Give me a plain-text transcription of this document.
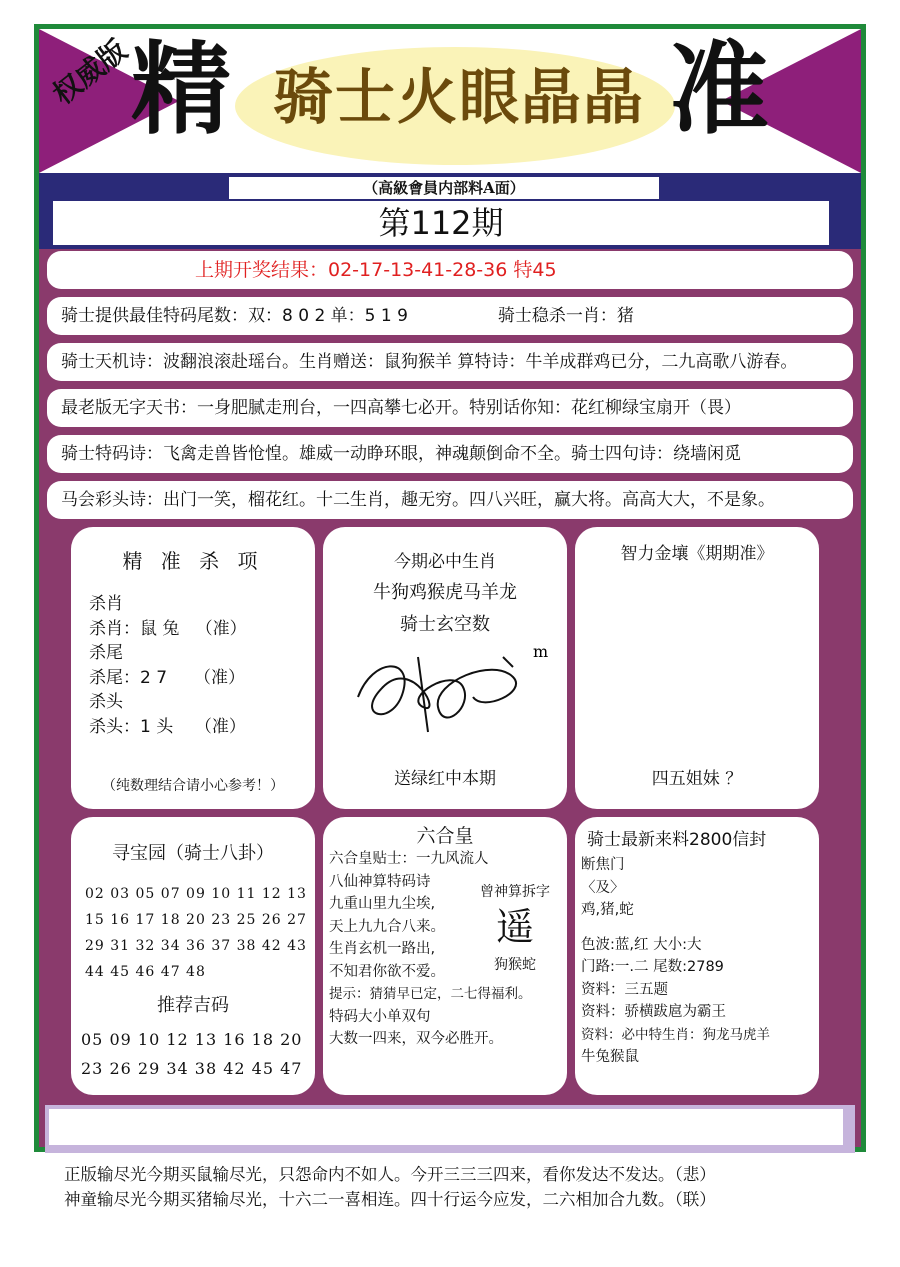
权威版
精 骑士火眼晶晶 准
（高級會員内部料A面）
第112期
上期开奖结果：02-17-13-41-28-36 特45
骑士提供最佳特码尾数：双：8 0 2 单：5 1 9	骑士稳杀一肖：猪
骑士天机诗：波翻浪滚赴瑶台。生肖赠送：鼠狗猴羊 算特诗：牛羊成群鸡已分，二九高歌八游春。
最老版无字天书：一身肥腻走刑台，一四高攀七必开。特别话你知：花红柳绿宝扇开（畏）
骑士特码诗：飞禽走兽皆怆惶。雄威一动睁环眼，神魂颠倒命不全。骑士四句诗：绕墙闲觅
马会彩头诗：出门一笑，榴花红。十二生肖，趣无穷。四八兴旺，赢大将。高高大大，不是象。
精 准 杀 项
杀肖
杀肖：鼠 兔   （准）
杀尾
杀尾：2 7     （准）
杀头
杀头：1 头    （准）
（纯数理结合请小心参考！）
今期必中生肖
牛狗鸡猴虎马羊龙
骑士玄空数
m
送绿红中本期
智力金壤《期期准》
四五姐妹 ？
寻宝园（骑士八卦）
02 03 05 07 09 10 11 12 13 15 16 17 18 20 23 25 26 27 29 31 32 34 36 37 38 42 43 44 45 46 47 48
推荐吉码
05 09 10 12 13 16 18 20 23 26 29 34 38 42 45 47
六合皇
六合皇贴士：一九风流人
八仙神算特码诗
九重山里九尘埃,
天上九九合八来。
生肖玄机一路出,
不知君你欲不爱。
提示：猜猜早已定，二七得福利。
特码大小单双句
大数一四来，双今必胜开。
曾神算拆字
遥
狗猴蛇
骑士最新来料2800信封
断焦门
〈及〉
鸡,猪,蛇
色波:蓝,红 大小:大
门路:一.二 尾数:2789
资料：三五题
资料：骄横跋扈为霸王
资料：必中特生肖：狗龙马虎羊
牛兔猴鼠
正版输尽光今期买鼠输尽光，只怨命内不如人。今开三三三四来，看你发达不发达。（悲）
神童输尽光今期买猪输尽光，十六二一喜相连。四十行运今应发，二六相加合九数。（联）
